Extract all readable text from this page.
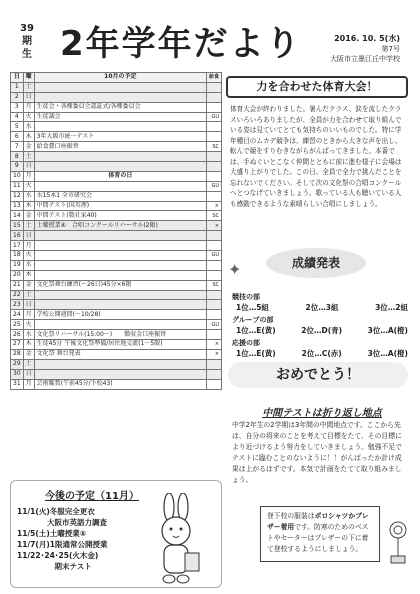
39
期
生 2年学年だより	2016. 10. 5(水)
第7号
大阪市立墨江丘中学校
日	曜	10月の予定	給食
1	土		
2	日		
3	月	生徒会・各種委員会認証式/各種委員会	
4	火	生徒議会	GU
5	水		
6	木	3年大阪市統一テスト	
7	金	給食費口座振替	SC
8	土		
9	日		
10	月	体育の日	
11	火		GU
12	水	水15木1 全市研究会	
13	木	中間テスト(国英理)	×
14	金	中間テスト(数社家40)	SC
15	土	土曜授業④　合唱コンクールリハーサル(2限)	×
16	日		
17	月		
18	火		GU
19	水		
20	木		
21	金	文化祭舞台練習(〜26日)45分×6限	SC
22	土		
23	日		
24	月	学校公開週間(〜10/28)	
25	火		GU
26	水	文化祭リハーサル(15:00〜)　　徴収金口座振替	
27	木	生徒45分 午後文化祭準備/居住地交流(1〜5限)	×
28	金	文化祭 舞台発表	×
29	土		
30	日		
31	月	芸術鑑賞(午前45分/下校43)	
今後の予定（11月）
11/1(火)冬服完全更衣
　　　　大阪市英語力調査
11/5(土)土曜授業⑤
11/7(月)1限通常公開授業
11/22･24･25(火木金)
　　　　　期末テスト
力を合わせた体育大会！
体育大会が終わりました。暑んだクラス、涙を流したクラスいろいろありましたが、全員が力を合わせて取り組んでいる姿は見ていてとても気持ちのいいものでした。特に学年種目のムカデ競争は、練習のときから大きな声を出し、転んで競をすりむきながらがんばってきました。本番では、手ぬぐいとこなく仲間とともに前に進む様子に会場は大盛り上がりでした。この日、全員で全力で挑んだことを忘れないでください。そして次の文化祭の合唱コンクールへとつなげていきましょう。歌っている人も聴いている人も感動できるような素晴らしい合唱にしましょう。
✦	成績発表
競技の部
1位…5組	2位…3組	3位…2組
グループの部
1位…E(黄)	2位…D(青)	3位…A(橙)
応援の部
1位…E(黄)	2位…C(赤)	3位…A(橙)
おめでとう！
中間テストは折り返し地点
中学2年生の2学期は3年間の中間地点です。ここから先は、自分の将来のことを考えて目標をたて、その目標により近づけるよう努力をしていきましょう。勉強不足でテストに臨むことのないように！！がんばったか計け成果は上がるはずです。本気で計画をたてて取り組みましょう。
登下校の服装はポロシャツかブレザー着用です。防寒のためのベストやセーターはブレザーの下に着て登校するようにしましょう。
